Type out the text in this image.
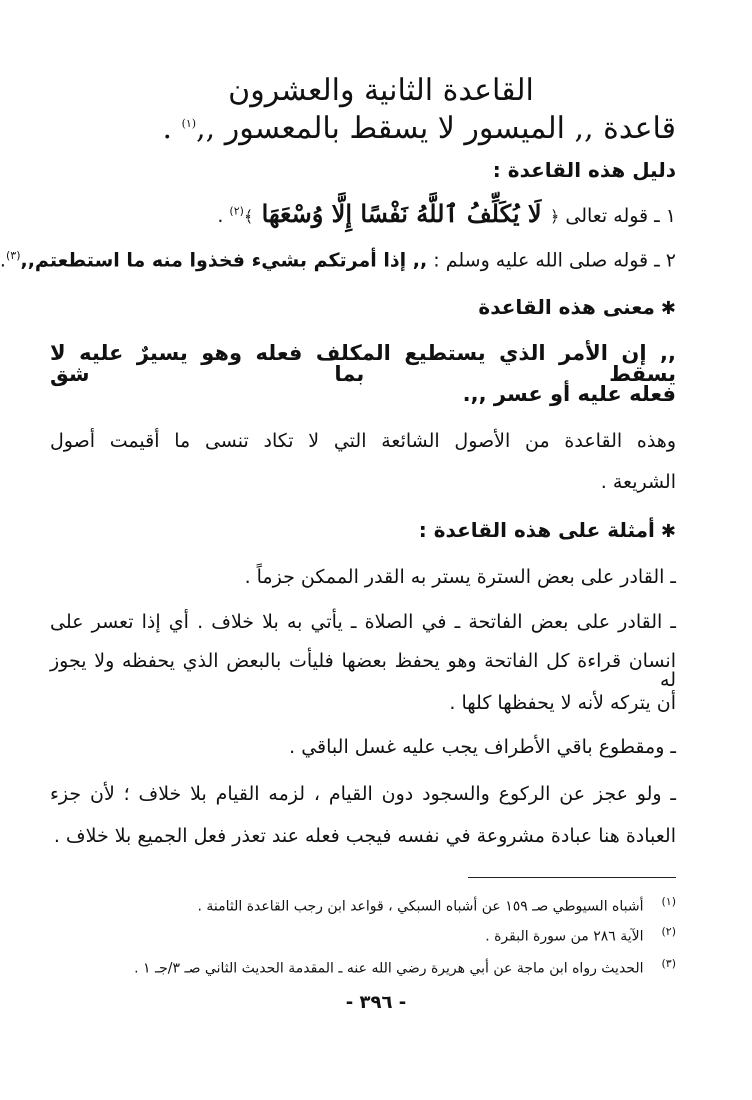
القاعدة الثانية والعشرون
قاعدة ,, الميسور لا يسقط بالمعسور ,,$^{(١)}$ .
دليل هذه القاعدة :
١ ـ قوله تعالى ﴿ لَا يُكَلِّفُ ٱللَّهُ نَفْسًا إِلَّا وُسْعَهَا ﴾$^{(٢)}$ .
٢ ـ قوله صلى الله عليه وسلم : ,, إذا أمرتكم بشيء فخذوا منه ما استطعتم,,$^{(٣)}$.
✱معنى هذه القاعدة
,, إن الأمر الذي يستطيع المكلف فعله وهو يسيرٌ عليه لا يسقط بما شق
فعله عليه أو عسر ,,.
وهذه القاعدة من الأصول الشائعة التي لا تكاد تنسى ما أقيمت أصول
الشريعة .
✱أمثلة على هذه القاعدة :
ـ القادر على بعض السترة يستر به القدر الممكن جزماً .
ـ القادر على بعض الفاتحة ـ في الصلاة ـ يأتي به بلا خلاف . أي إذا تعسر على
انسان قراءة كل الفاتحة وهو يحفظ بعضها فليأت بالبعض الذي يحفظه ولا يجوز له
أن يتركه لأنه لا يحفظها كلها .
ـ ومقطوع باقي الأطراف يجب عليه غسل الباقي .
ـ ولو عجز عن الركوع والسجود دون القيام ، لزمه القيام بلا خلاف ؛ لأن جزء
العبادة هنا عبادة مشروعة في نفسه فيجب فعله عند تعذر فعل الجميع بلا خلاف .
$^{(١)}$أشباه السيوطي صـ ١٥٩ عن أشباه السبكي ، قواعد ابن رجب القاعدة الثامنة .
$^{(٢)}$الآية ٢٨٦ من سورة البقرة .
$^{(٣)}$الحديث رواه ابن ماجة عن أبي هريرة رضي الله عنه ـ المقدمة الحديث الثاني صـ ٣/جـ ١ .
- ٣٩٦ -
